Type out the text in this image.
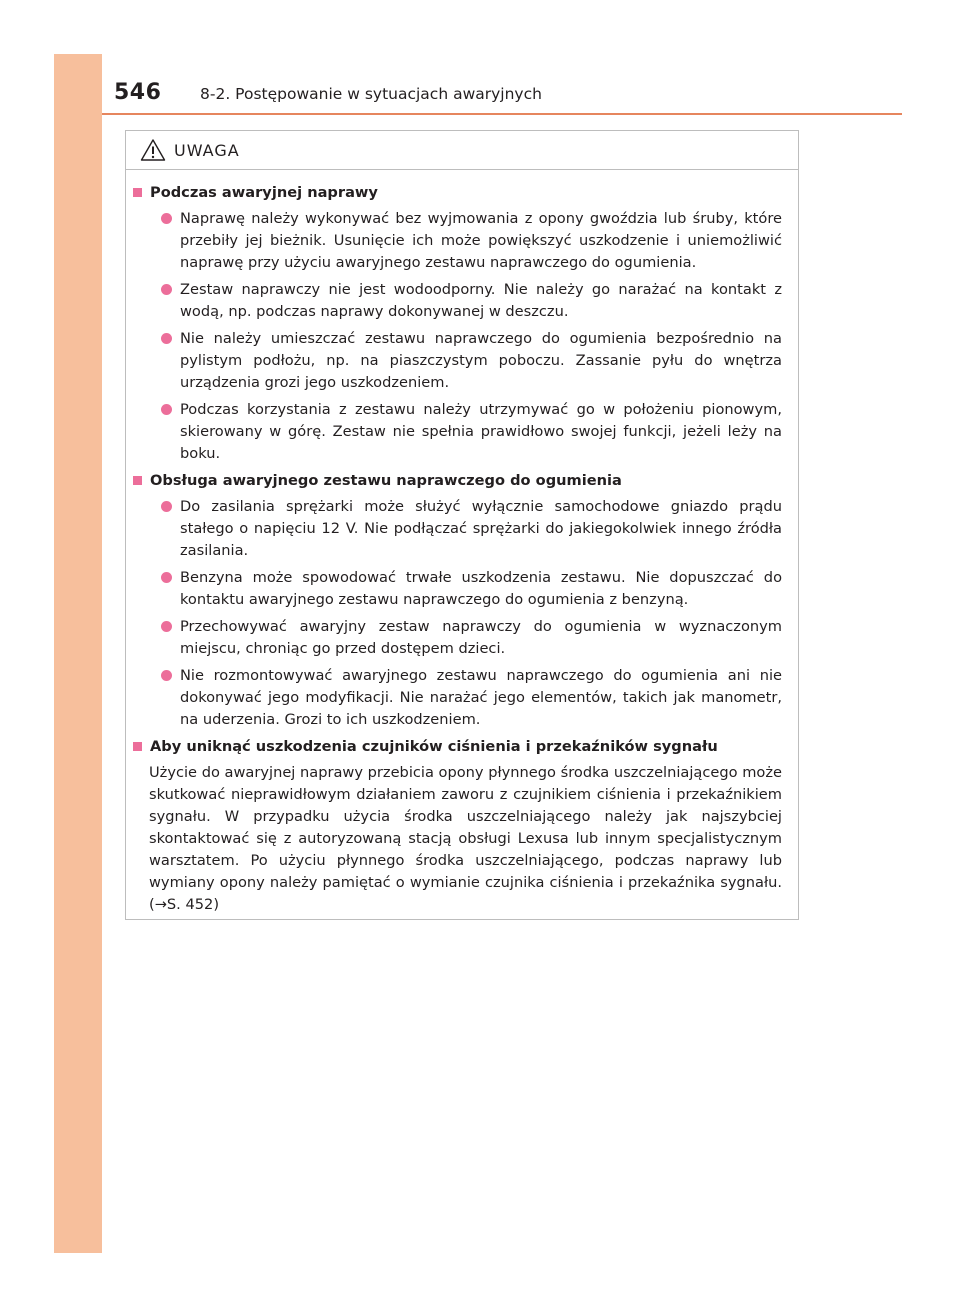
546 8-2. Postępowanie w sytuacjach awaryjnych
UWAGA
Podczas awaryjnej naprawy
Naprawę należy wykonywać bez wyjmowania z opony gwoździa lub śruby, które przebiły jej bieżnik. Usunięcie ich może powiększyć uszkodzenie i uniemożliwić naprawę przy użyciu awaryjnego zestawu naprawczego do ogumienia.
Zestaw naprawczy nie jest wodoodporny. Nie należy go narażać na kontakt z wodą, np. podczas naprawy dokonywanej w deszczu.
Nie należy umieszczać zestawu naprawczego do ogumienia bezpośrednio na pylistym podłożu, np. na piaszczystym poboczu. Zassanie pyłu do wnętrza urządzenia grozi jego uszkodzeniem.
Podczas korzystania z zestawu należy utrzymywać go w położeniu pionowym, skierowany w górę. Zestaw nie spełnia prawidłowo swojej funkcji, jeżeli leży na boku.
Obsługa awaryjnego zestawu naprawczego do ogumienia
Do zasilania sprężarki może służyć wyłącznie samochodowe gniazdo prądu stałego o napięciu 12 V. Nie podłączać sprężarki do jakiegokolwiek innego źródła zasilania.
Benzyna może spowodować trwałe uszkodzenia zestawu. Nie dopuszczać do kontaktu awaryjnego zestawu naprawczego do ogumienia z benzyną.
Przechowywać awaryjny zestaw naprawczy do ogumienia w wyznaczonym miejscu, chroniąc go przed dostępem dzieci.
Nie rozmontowywać awaryjnego zestawu naprawczego do ogumienia ani nie dokonywać jego modyfikacji. Nie narażać jego elementów, takich jak manometr, na uderzenia. Grozi to ich uszkodzeniem.
Aby uniknąć uszkodzenia czujników ciśnienia i przekaźników sygnału
Użycie do awaryjnej naprawy przebicia opony płynnego środka uszczelniającego może skutkować nieprawidłowym działaniem zaworu z czujnikiem ciśnienia i przekaźnikiem sygnału. W przypadku użycia środka uszczelniającego należy jak najszybciej skontaktować się z autoryzowaną stacją obsługi Lexusa lub innym specjalistycznym warsztatem. Po użyciu płynnego środka uszczelniającego, podczas naprawy lub wymiany opony należy pamiętać o wymianie czujnika ciśnienia i przekaźnika sygnału. (→S. 452)
